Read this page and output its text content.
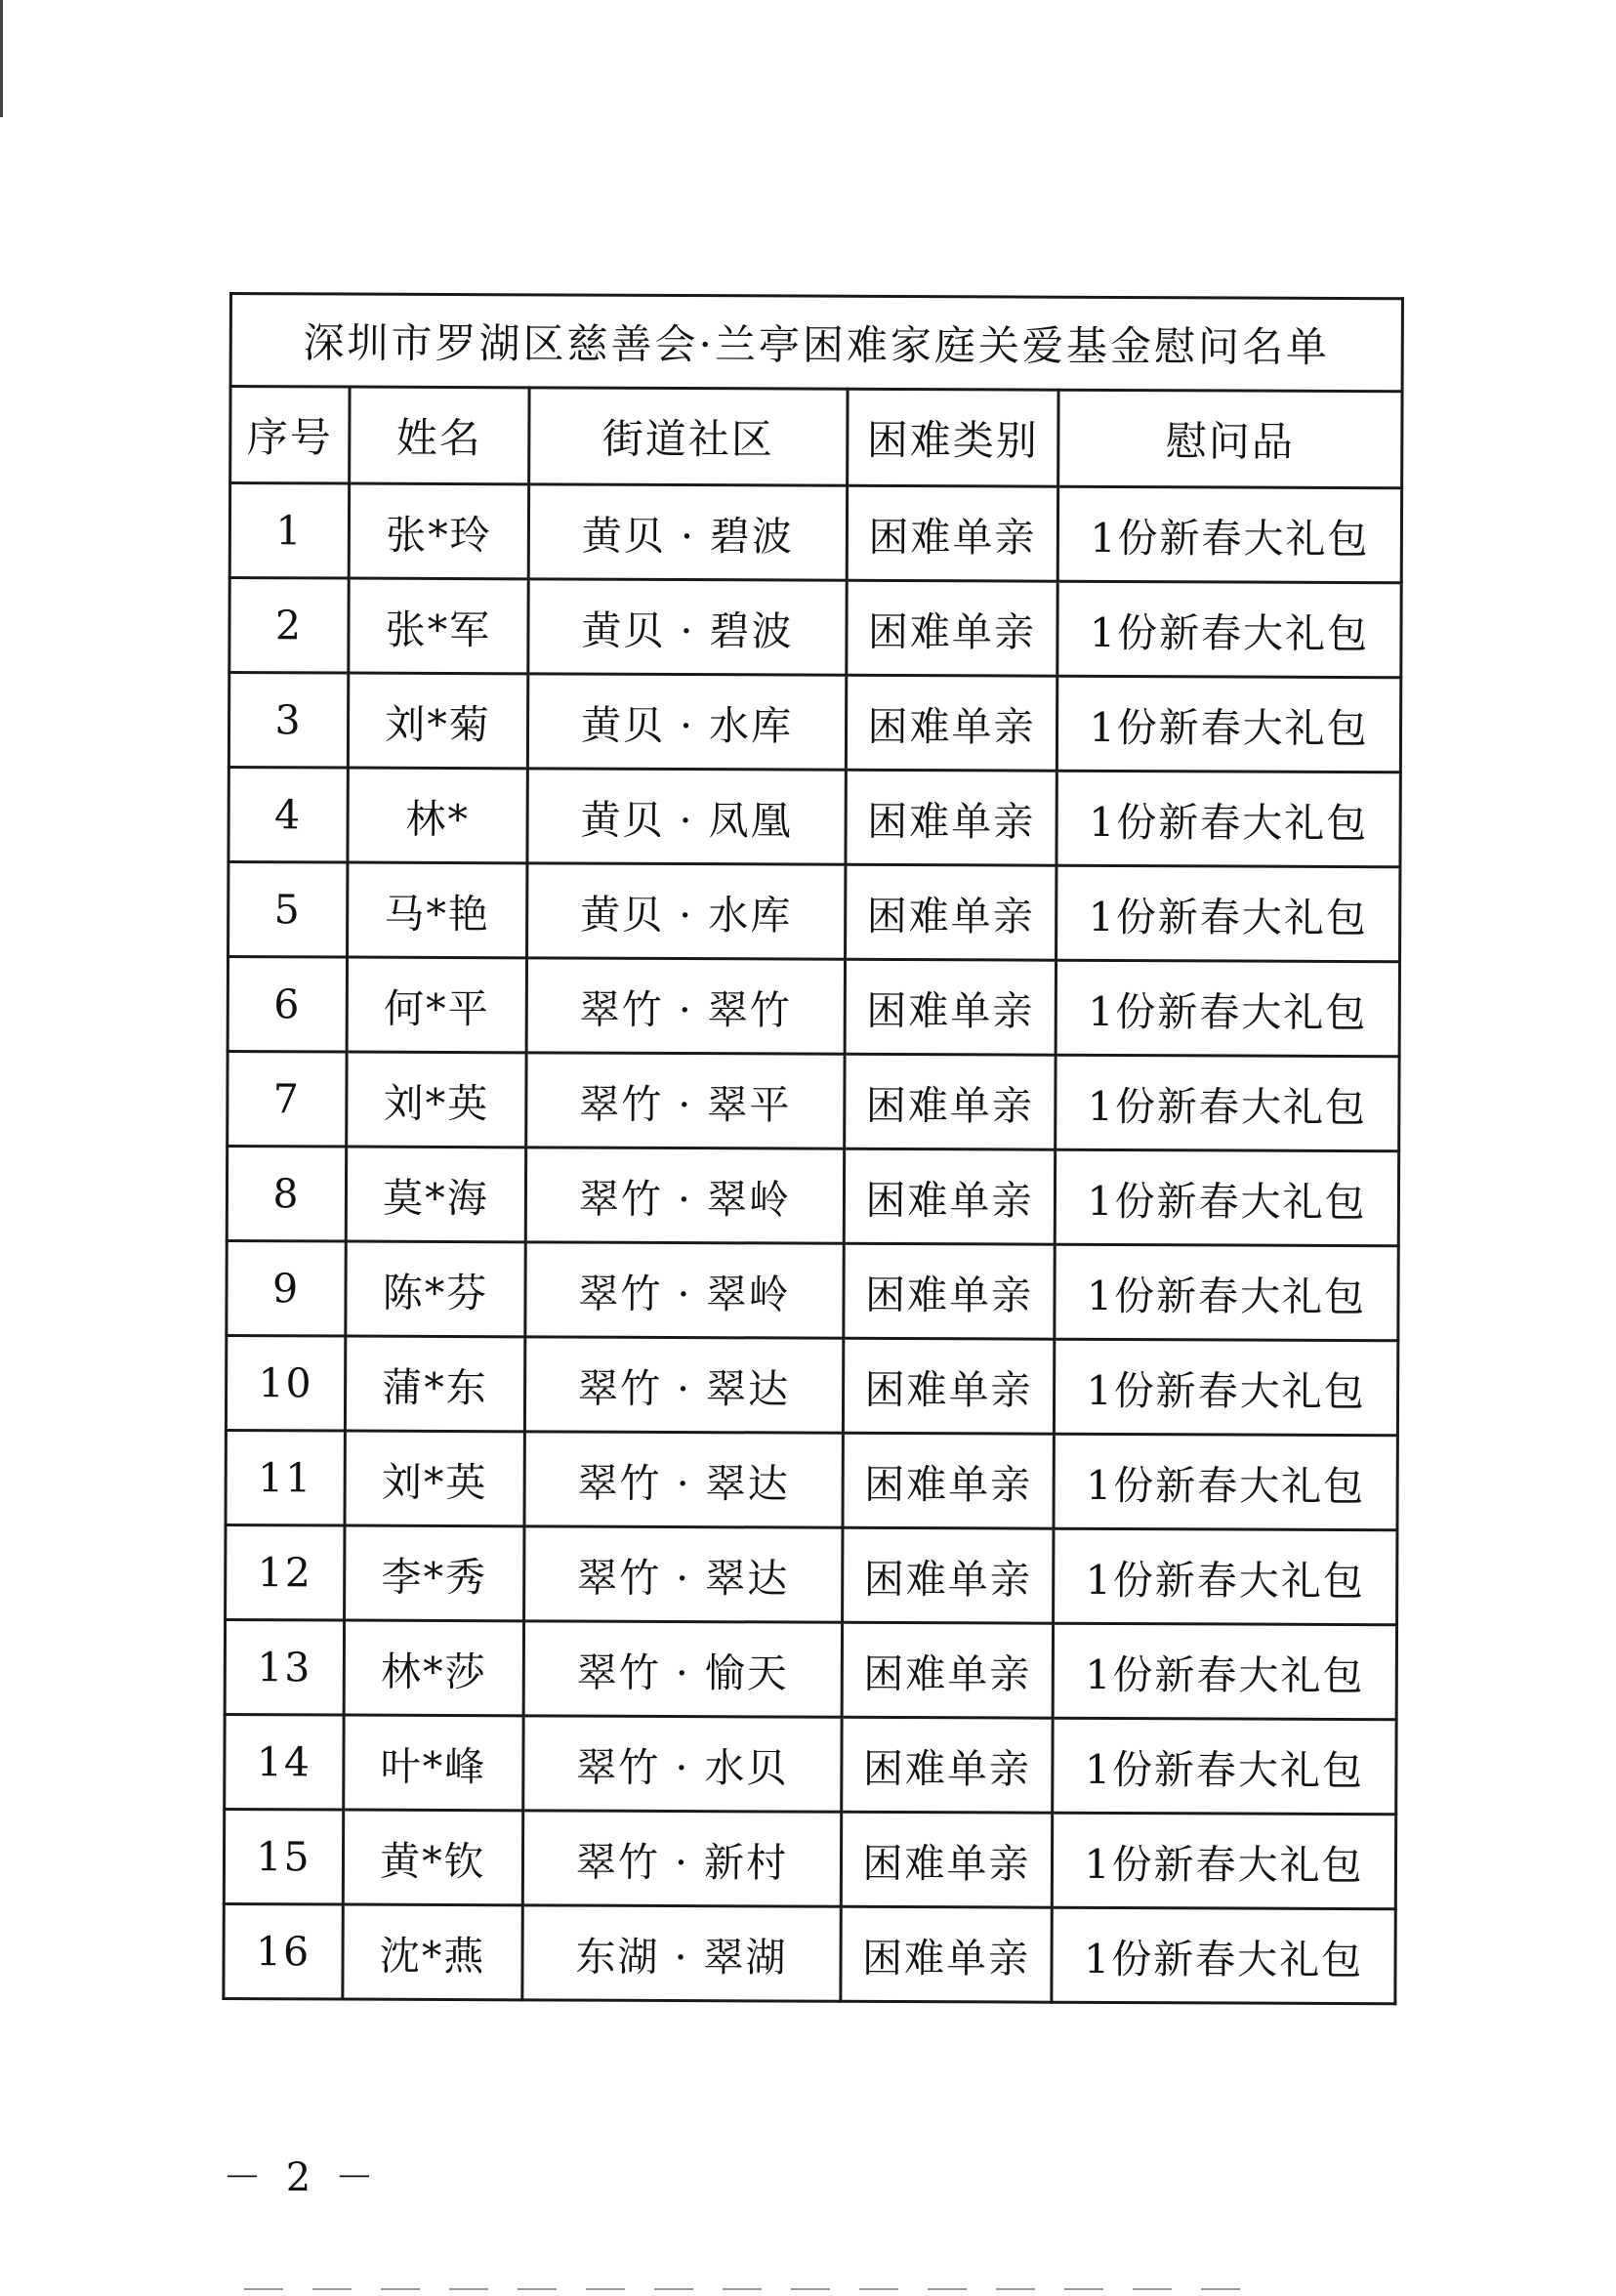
深圳市罗湖区慈善会·兰亭困难家庭关爱基金慰问名单				
序号	姓名	街道社区	困难类别	慰问品
1	张*玲	黄贝 · 碧波	困难单亲	1份新春大礼包
2	张*军	黄贝 · 碧波	困难单亲	1份新春大礼包
3	刘*菊	黄贝 · 水库	困难单亲	1份新春大礼包
4	林*	黄贝 · 凤凰	困难单亲	1份新春大礼包
5	马*艳	黄贝 · 水库	困难单亲	1份新春大礼包
6	何*平	翠竹 · 翠竹	困难单亲	1份新春大礼包
7	刘*英	翠竹 · 翠平	困难单亲	1份新春大礼包
8	莫*海	翠竹 · 翠岭	困难单亲	1份新春大礼包
9	陈*芬	翠竹 · 翠岭	困难单亲	1份新春大礼包
10	蒲*东	翠竹 · 翠达	困难单亲	1份新春大礼包
11	刘*英	翠竹 · 翠达	困难单亲	1份新春大礼包
12	李*秀	翠竹 · 翠达	困难单亲	1份新春大礼包
13	林*莎	翠竹 · 愉天	困难单亲	1份新春大礼包
14	叶*峰	翠竹 · 水贝	困难单亲	1份新春大礼包
15	黄*钦	翠竹 · 新村	困难单亲	1份新春大礼包
16	沈*燕	东湖 · 翠湖	困难单亲	1份新春大礼包
－ 2 －
